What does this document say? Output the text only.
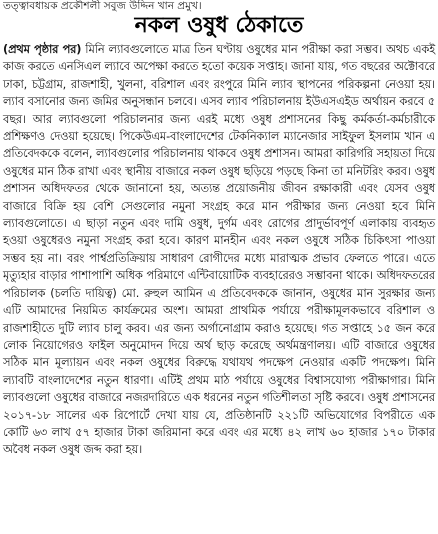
তত্ত্বাবধায়ক প্রকৌশলী সবুজ উদ্দিন খান প্রমুখ।
নকল ওষুধ ঠেকাতে

(প্রথম পৃষ্ঠার পর) মিনি ল্যাবগুলোতে মাত্র তিন ঘণ্টায় ওষুধের মান পরীক্ষা করা সম্ভব। অথচ একই কাজ করতে এনসিএল ল্যাবে অপেক্ষা করতে হতো কয়েক সপ্তাহ। জানা যায়, গত বছরের অক্টোবরে ঢাকা, চট্টগ্রাম, রাজশাহী, খুলনা, বরিশাল এবং রংপুরে মিনি ল্যাব স্থাপনের পরিকল্পনা নেওয়া হয়। ল্যাব বসানোর জন্য জমির অনুসন্ধান চলবে। এসব ল্যাব পরিচালনায় ইউএসএইড অর্থায়ন করবে ৫ বছর। আর ল্যাবগুলো পরিচালনার জন্য এরই মধ্যে ওষুধ প্রশাসনের কিছু কর্মকর্তা-কর্মচারীকে প্রশিক্ষণও দেওয়া হয়েছে। পিকেউএম-বাংলাদেশের টেকনিক্যাল ম্যানেজার সাইফুল ইসলাম খান এ প্রতিবেদককে বলেন, ল্যাবগুলোর পরিচালনায় থাকবে ওষুধ প্রশাসন। আমরা কারিগরি সহায়তা দিয়ে ওষুধের মান ঠিক রাখা এবং স্থানীয় বাজারে নকল ওষুধ ছড়িয়ে পড়ছে কিনা তা মনিটরিং করব। ওষুধ প্রশাসন অধিদফতর থেকে জানানো হয়, অত্যন্ত প্রয়োজনীয় জীবন রক্ষাকারী এবং যেসব ওষুধ বাজারে বিক্রি হয় বেশি সেগুলোর নমুনা সংগ্রহ করে মান পরীক্ষার জন্য নেওয়া হবে মিনি ল্যাবগুলোতে। এ ছাড়া নতুন এবং দামি ওষুধ, দুর্গম এবং রোগের প্রাদুর্ভাবপূর্ণ এলাকায় ব্যবহৃত হওয়া ওষুধেরও নমুনা সংগ্রহ করা হবে। কারণ মানহীন এবং নকল ওষুধে সঠিক চিকিৎসা পাওয়া সম্ভব হয় না। বরং পার্শ্বপ্রতিক্রিয়ায় সাধারণ রোগীদের মধ্যে মারাত্মক প্রভাব ফেলতে পারে। এতে মৃত্যুহার বাড়ার পাশাপাশি অধিক পরিমাণে এন্টিবায়োটিক ব্যবহারেরও সম্ভাবনা থাকে। অধিদফতরের পরিচালক (চলতি দায়িত্ব) মো. রুহুল আমিন এ প্রতিবেদককে জানান, ওষুধের মান সুরক্ষার জন্য এটি আমাদের নিয়মিত কার্যক্রমের অংশ। আমরা প্রাথমিক পর্যায়ে পরীক্ষামূলকভাবে বরিশাল ও রাজশাহীতে দুটি ল্যাব চালু করব। এর জন্য অর্গানোগ্রাম করাও হয়েছে। গত সপ্তাহে ১৫ জন করে লোক নিয়োগেরও ফাইল অনুমোদন দিয়ে অর্থ ছাড় করেছে অর্থমন্ত্রণালয়। এটি বাজারে ওষুধের সঠিক মান মূল্যায়ন এবং নকল ওষুধের বিরুদ্ধে যথাযথ পদক্ষেপ নেওয়ার একটি পদক্ষেপ। মিনি ল্যাবটি বাংলাদেশের নতুন ধারণা। এটিই প্রথম মাঠ পর্যায়ে ওষুধের বিশ্বাসযোগ্য পরীক্ষাগার। মিনি ল্যাবগুলো ওষুধের বাজারে নজরদারিতে এক ধরনের নতুন গতিশীলতা সৃষ্টি করবে। ওষুধ প্রশাসনের ২০১৭-১৮ সালের এক রিপোর্টে দেখা যায় যে, প্রতিষ্ঠানটি ২২১টি অভিযোগের বিপরীতে এক কোটি ৬৩ লাখ ৫৭ হাজার টাকা জরিমানা করে এবং এর মধ্যে ৪২ লাখ ৬০ হাজার ১৭০ টাকার অবৈধ নকল ওষুধ জব্দ করা হয়।
